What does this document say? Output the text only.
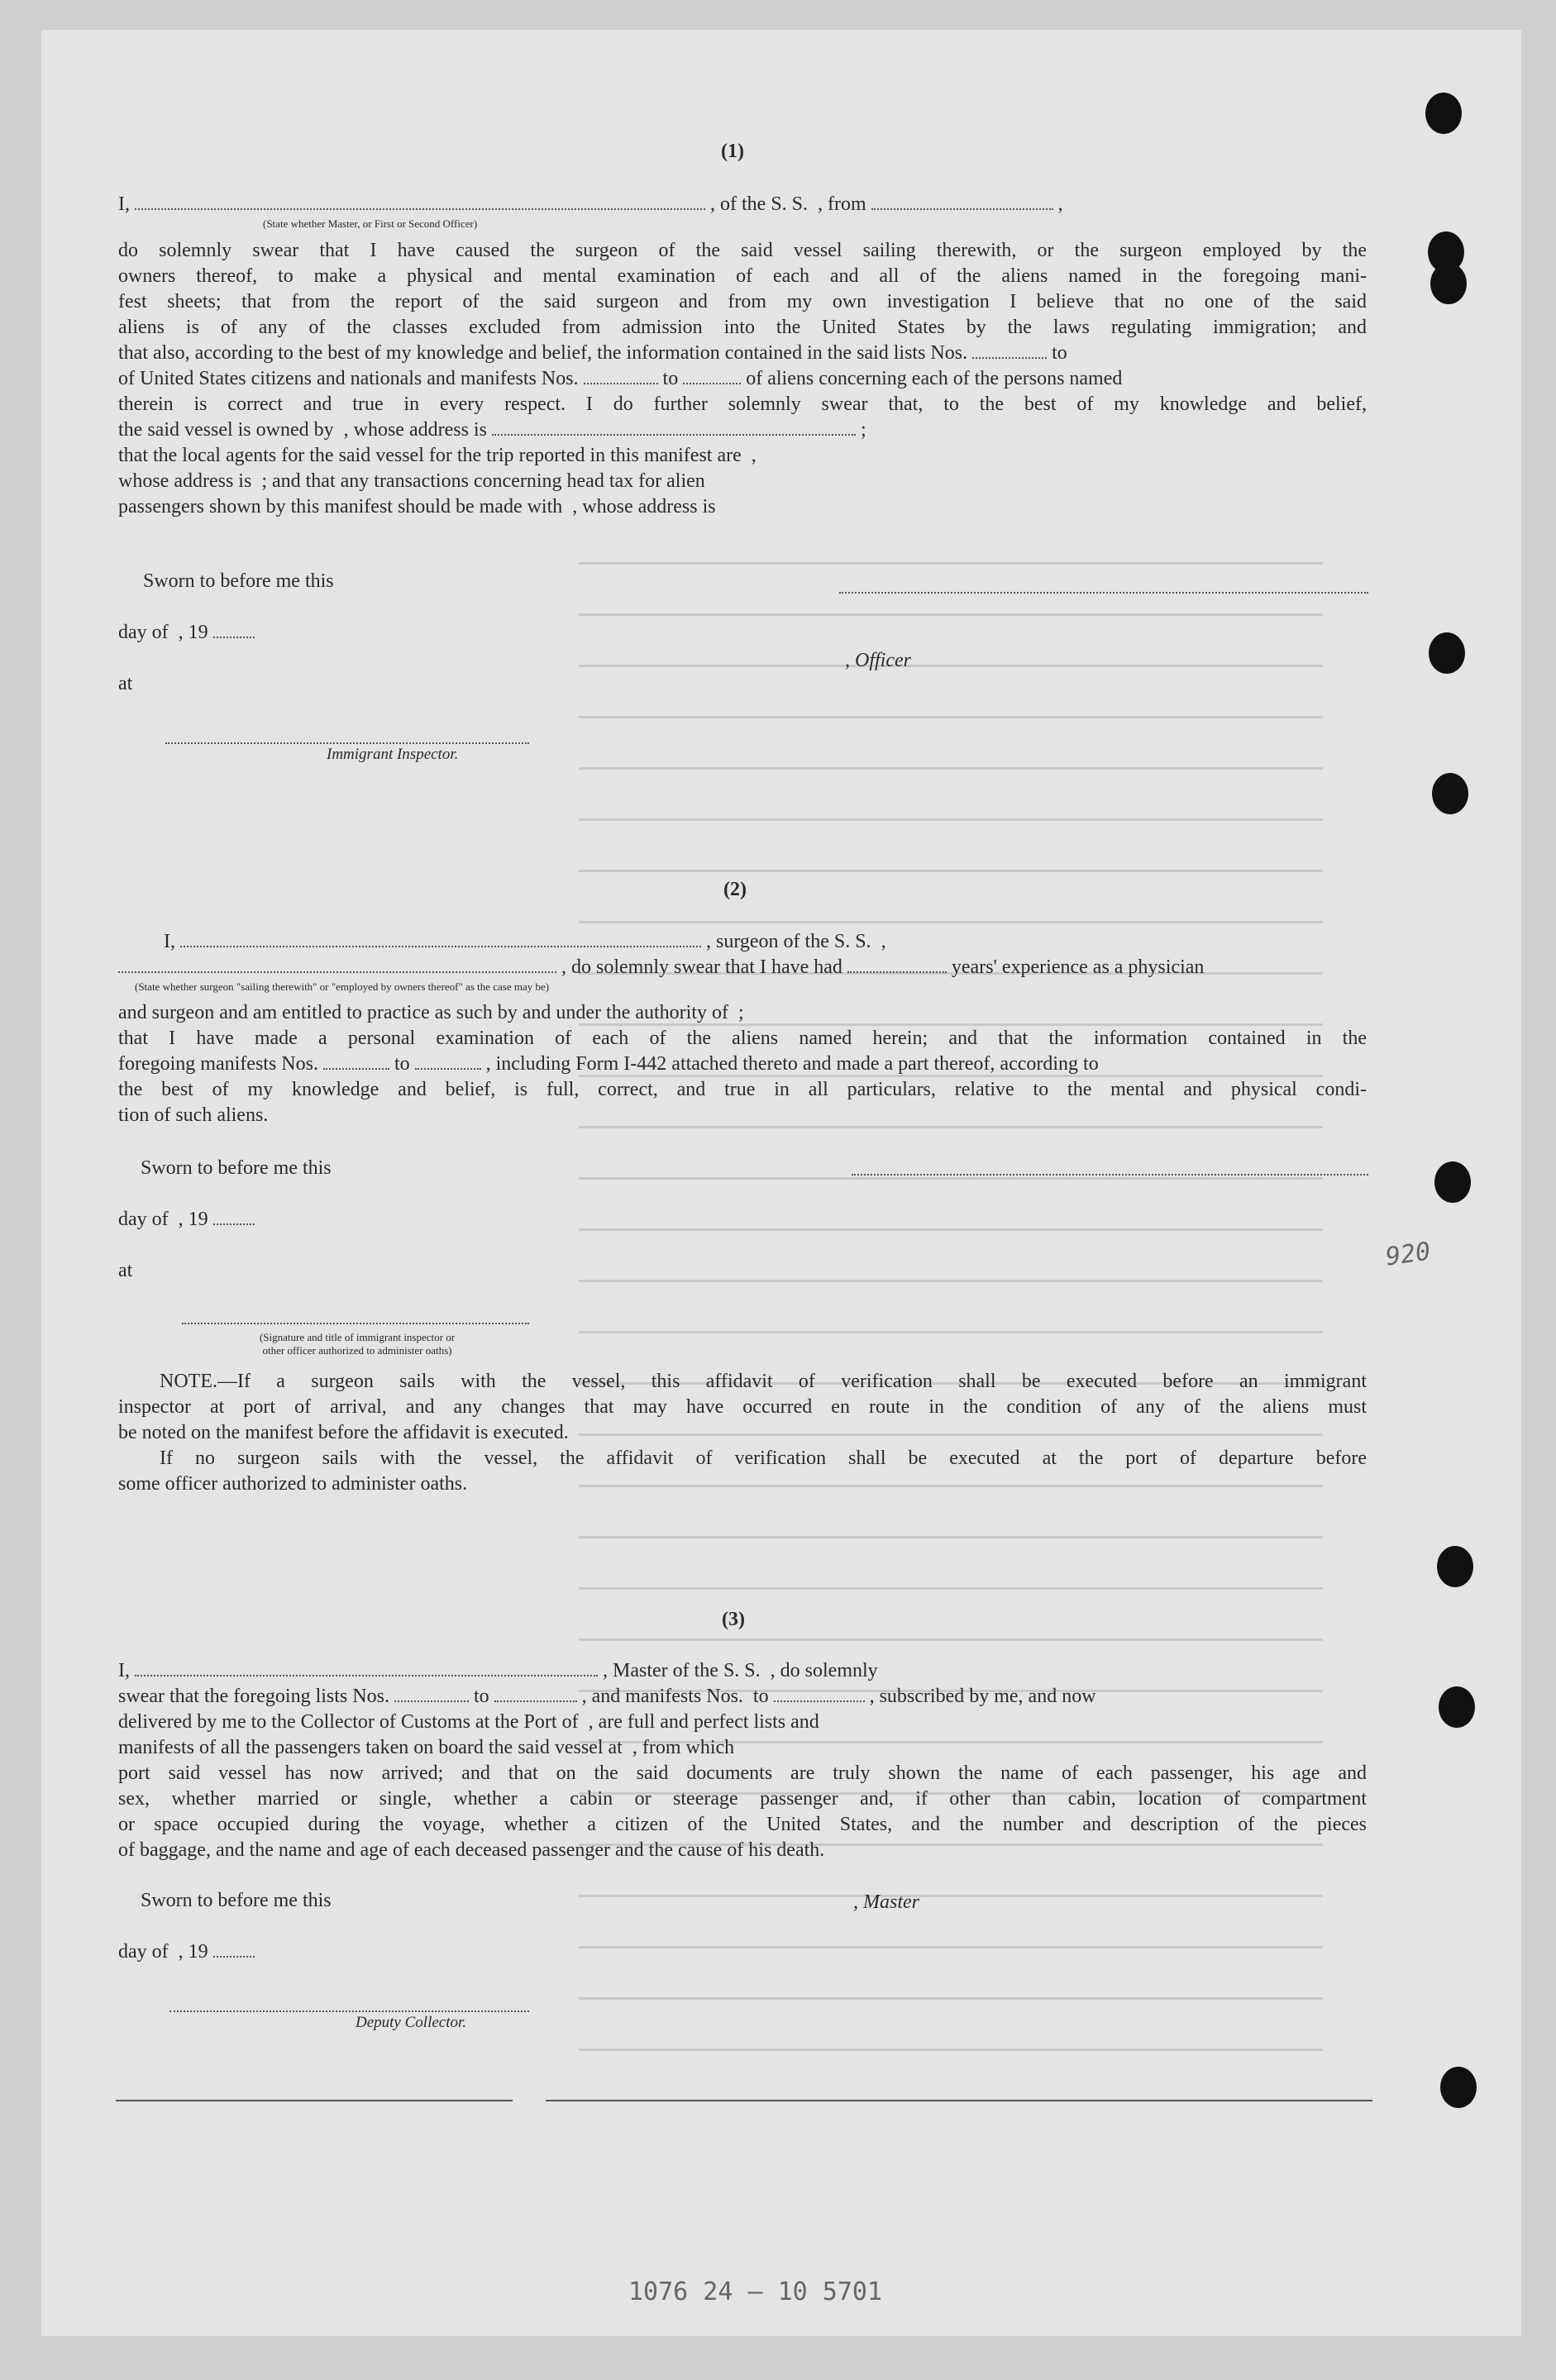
(1)
I,	, of the S. S. , from	,
(State whether Master, or First or Second Officer)
do solemnly swear that I have caused the surgeon of the said vessel sailing therewith, or the surgeon employed by the
owners thereof, to make a physical and mental examination of each and all of the aliens named in the foregoing mani-
fest sheets; that from the report of the said surgeon and from my own investigation I believe that no one of the said
aliens is of any of the classes excluded from admission into the United States by the laws regulating immigration; and
that also, according to the best of my knowledge and belief, the information contained in the said lists Nos.	to
of United States citizens and nationals and manifests Nos.	to	of aliens concerning each of the persons named
therein is correct and true in every respect. I do further solemnly swear that, to the best of my knowledge and belief,
the said vessel is owned by , whose address is	;
that the local agents for the said vessel for the trip reported in this manifest are ,
whose address is ; and that any transactions concerning head tax for alien
passengers shown by this manifest should be made with , whose address is
Sworn to before me this
day of , 19
at
Immigrant Inspector.
, Officer
(2)
I,	, surgeon of the S. S. ,
, do solemnly swear that I have had	years' experience as a physician
(State whether surgeon "sailing therewith" or "employed by owners thereof" as the case may be)
and surgeon and am entitled to practice as such by and under the authority of ;
that I have made a personal examination of each of the aliens named herein; and that the information contained in the
foregoing manifests Nos.	to	, including Form I-442 attached thereto and made a part thereof, according to
the best of my knowledge and belief, is full, correct, and true in all particulars, relative to the mental and physical condi-
tion of such aliens.
Sworn to before me this
day of , 19
at
(Signature and title of immigrant inspector or
other officer authorized to administer oaths)
NOTE.—If a surgeon sails with the vessel, this affidavit of verification shall be executed before an immigrant
inspector at port of arrival, and any changes that may have occurred en route in the condition of any of the aliens must
be noted on the manifest before the affidavit is executed.
If no surgeon sails with the vessel, the affidavit of verification shall be executed at the port of departure before
some officer authorized to administer oaths.
(3)
I,	, Master of the S. S. , do solemnly
swear that the foregoing lists Nos.	to	, and manifests Nos. to	, subscribed by me, and now
delivered by me to the Collector of Customs at the Port of , are full and perfect lists and
manifests of all the passengers taken on board the said vessel at , from which
port said vessel has now arrived; and that on the said documents are truly shown the name of each passenger, his age and
sex, whether married or single, whether a cabin or steerage passenger and, if other than cabin, location of compartment
or space occupied during the voyage, whether a citizen of the United States, and the number and description of the pieces
of baggage, and the name and age of each deceased passenger and the cause of his death.
Sworn to before me this
day of , 19
Deputy Collector.
, Master
920
1076 24 — 10 5701
